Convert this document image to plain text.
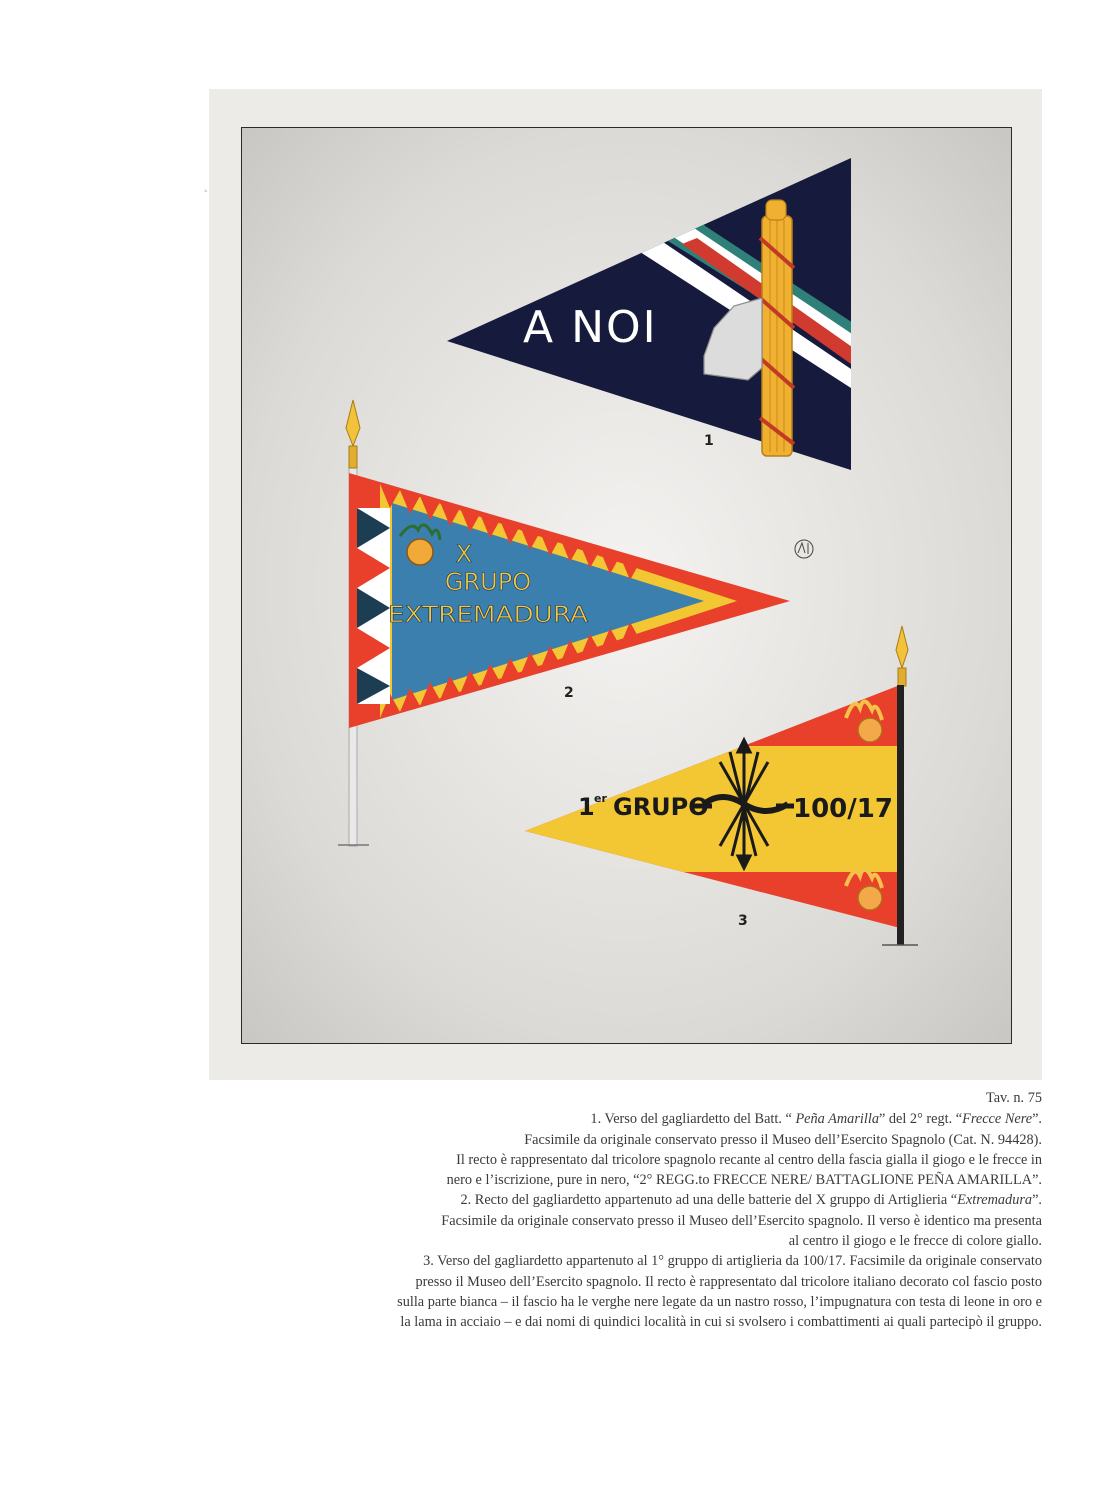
◦
A NOI
1
X
GRUPO
EXTREMADURA
2
1 er GRUPO	100/17
3

Tav. n. 75

1. Verso del gagliardetto del Batt. “ Peña Amarilla” del 2° regt. “Frecce Nere”.

Facsimile da originale conservato presso il Museo dell’Esercito Spagnolo (Cat. N. 94428).

Il recto è rappresentato dal tricolore spagnolo recante al centro della fascia gialla il giogo e le frecce in

nero e l’iscrizione, pure in nero, “2° REGG.to FRECCE NERE/ BATTAGLIONE PEÑA AMARILLA”.

2. Recto del gagliardetto appartenuto ad una delle batterie del X gruppo di Artiglieria “Extremadura”.

Facsimile da originale conservato presso il Museo dell’Esercito spagnolo. Il verso è identico ma presenta

al centro il giogo e le frecce di colore giallo.

3. Verso del gagliardetto appartenuto al 1° gruppo di artiglieria da 100/17. Facsimile da originale conservato

presso il Museo dell’Esercito spagnolo. Il recto è rappresentato dal tricolore italiano decorato col fascio posto

sulla parte bianca – il fascio ha le verghe nere legate da un nastro rosso, l’impugnatura con testa di leone in oro e

la lama in acciaio – e dai nomi di quindici località in cui si svolsero i combattimenti ai quali partecipò il gruppo.
